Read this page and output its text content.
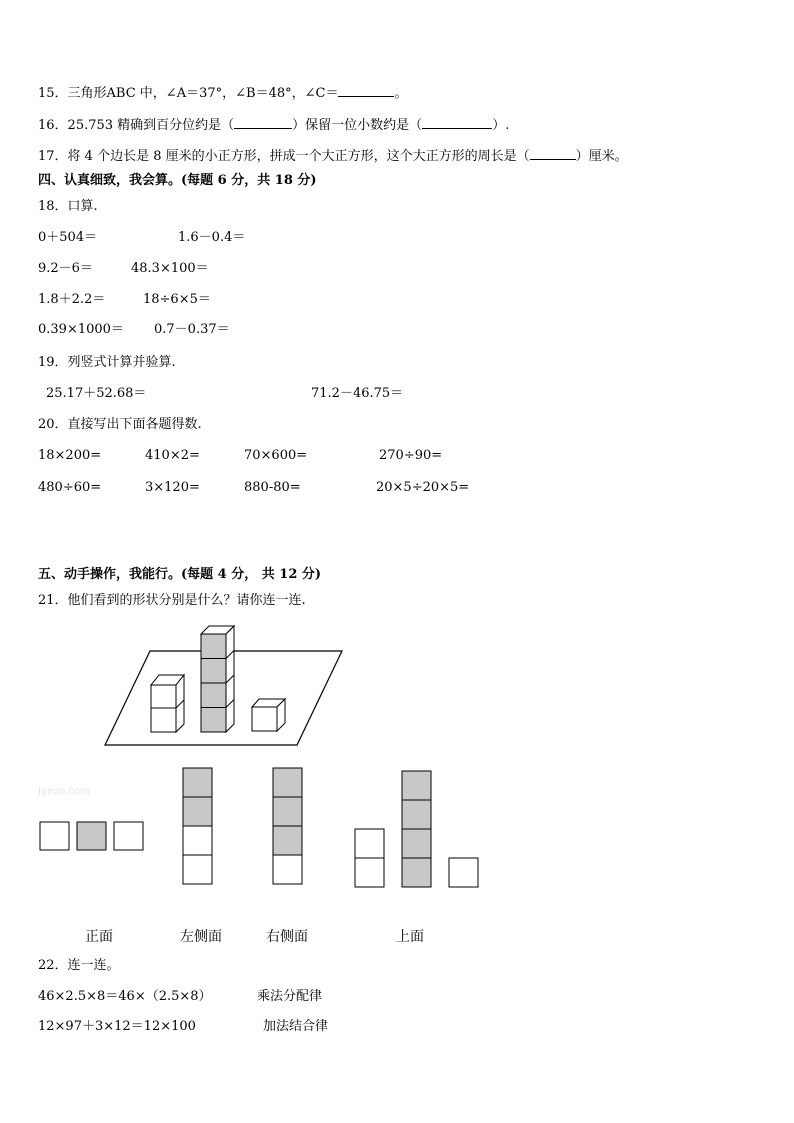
15．三角形ABC 中，∠A＝37°，∠B＝48°，∠C＝	。
16．25.753 精确到百分位约是（	）保留一位小数约是（	）.
17．将 4 个边长是 8 厘米的小正方形，拼成一个大正方形，这个大正方形的周长是（	）厘米。
四、认真细致，我会算。(每题 6 分，共 18 分)
18．口算.
0＋504＝	1.6－0.4＝
9.2－6＝	48.3×100＝
1.8＋2.2＝	18÷6×5＝
0.39×1000＝ 0.7－0.37＝
19．列竖式计算并验算.
25.17＋52.68＝	71.2－46.75＝
20．直接写出下面各题得数.
18×200=	410×2=	70×600=	270÷90=
480÷60=	3×120=	880-80=	20×5÷20×5=
五、动手操作，我能行。(每题 4 分， 共 12 分)
21．他们看到的形状分别是什么？请你连一连.
Jyeoo.com
正面	左侧面	右侧面	上面
22．连一连。
46×2.5×8＝46×（2.5×8）	乘法分配律
12×97＋3×12＝12×100	加法结合律
